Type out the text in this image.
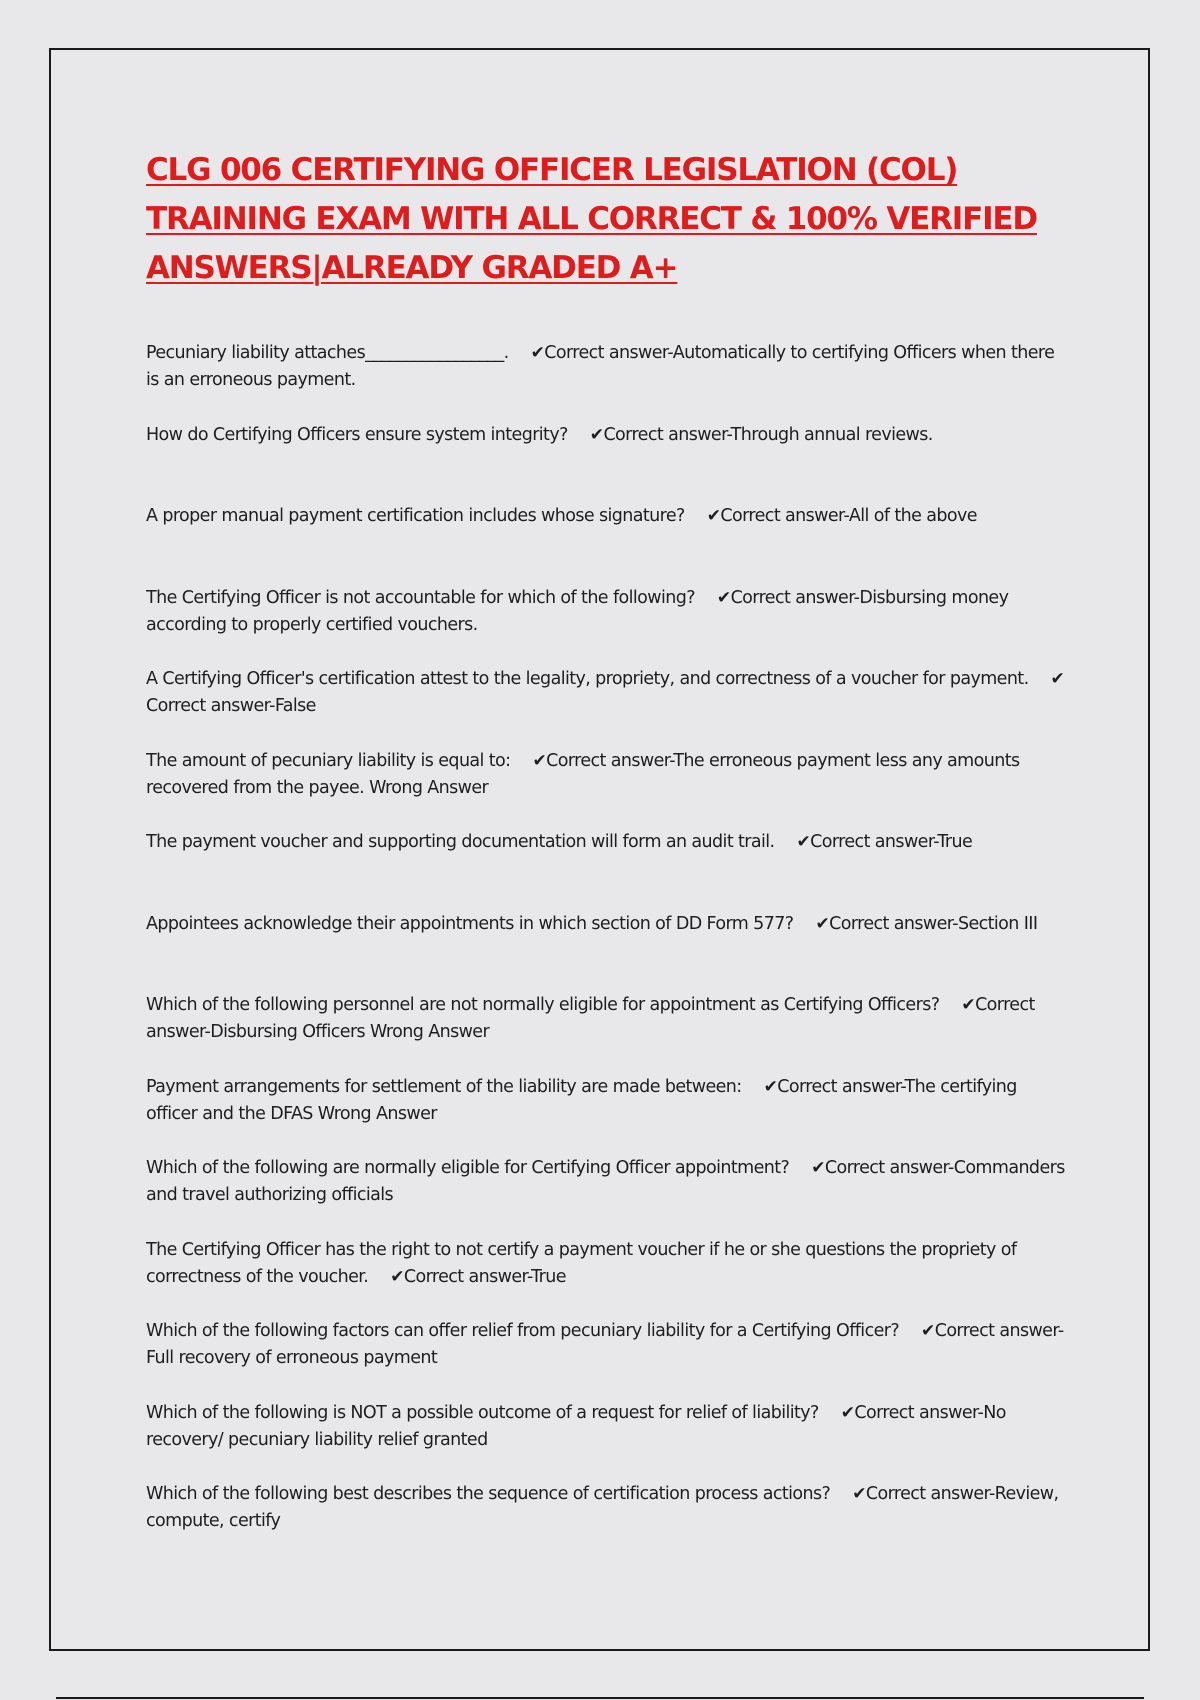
CLG 006 CERTIFYING OFFICER LEGISLATION (COL) TRAINING EXAM WITH ALL CORRECT & 100% VERIFIED ANSWERS|ALREADY GRADED A+
Pecuniary liability attaches_________________. ✔Correct answer-Automatically to certifying Officers when there is an erroneous payment.
How do Certifying Officers ensure system integrity? ✔Correct answer-Through annual reviews.
A proper manual payment certification includes whose signature? ✔Correct answer-All of the above
The Certifying Officer is not accountable for which of the following? ✔Correct answer-Disbursing money according to properly certified vouchers.
A Certifying Officer's certification attest to the legality, propriety, and correctness of a voucher for payment. ✔Correct answer-False
The amount of pecuniary liability is equal to: ✔Correct answer-The erroneous payment less any amounts recovered from the payee. Wrong Answer
The payment voucher and supporting documentation will form an audit trail. ✔Correct answer-True
Appointees acknowledge their appointments in which section of DD Form 577? ✔Correct answer-Section III
Which of the following personnel are not normally eligible for appointment as Certifying Officers? ✔Correct answer-Disbursing Officers Wrong Answer
Payment arrangements for settlement of the liability are made between: ✔Correct answer-The certifying officer and the DFAS Wrong Answer
Which of the following are normally eligible for Certifying Officer appointment? ✔Correct answer-Commanders and travel authorizing officials
The Certifying Officer has the right to not certify a payment voucher if he or she questions the propriety of correctness of the voucher. ✔Correct answer-True
Which of the following factors can offer relief from pecuniary liability for a Certifying Officer? ✔Correct answer-Full recovery of erroneous payment
Which of the following is NOT a possible outcome of a request for relief of liability? ✔Correct answer-No recovery/ pecuniary liability relief granted
Which of the following best describes the sequence of certification process actions? ✔Correct answer-Review, compute, certify
